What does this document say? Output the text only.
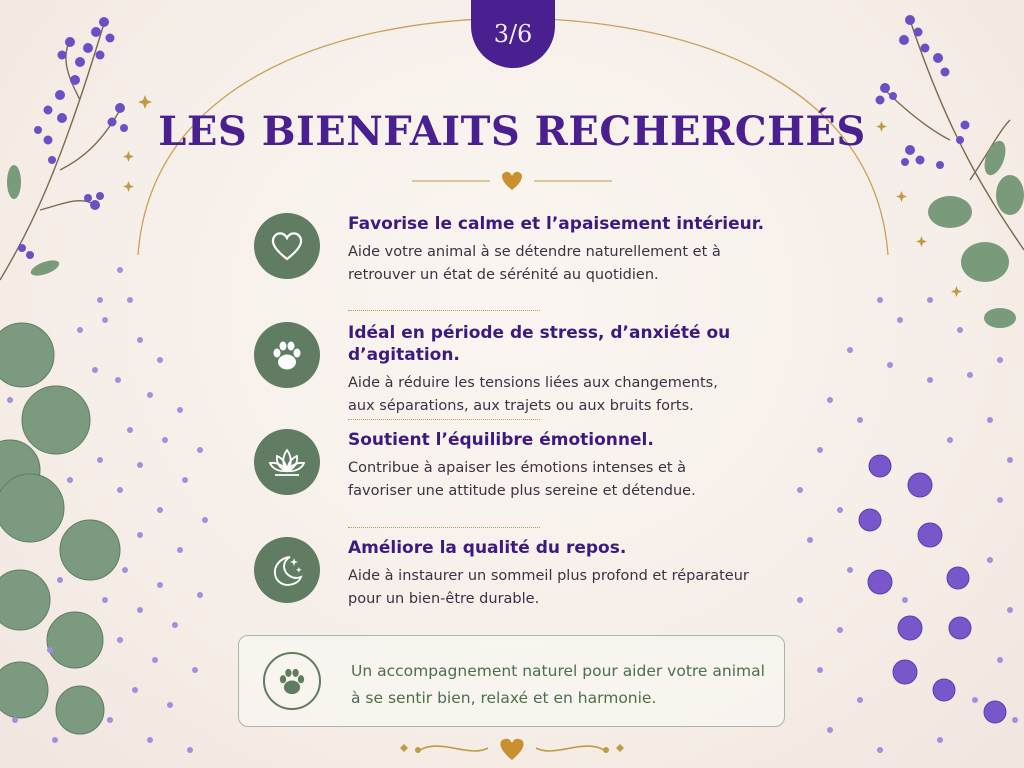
3/6
LES BIENFAITS RECHERCHÉS
Favorise le calme et l’apaisement intérieur.
Aide votre animal à se détendre naturellement et à
retrouver un état de sérénité au quotidien.
Idéal en période de stress, d’anxiété ou d’agitation.
Aide à réduire les tensions liées aux changements,
aux séparations, aux trajets ou aux bruits forts.
Soutient l’équilibre émotionnel.
Contribue à apaiser les émotions intenses et à
favoriser une attitude plus sereine et détendue.
Améliore la qualité du repos.
Aide à instaurer un sommeil plus profond et réparateur
pour un bien-être durable.
Un accompagnement naturel pour aider votre animal
à se sentir bien, relaxé et en harmonie.
